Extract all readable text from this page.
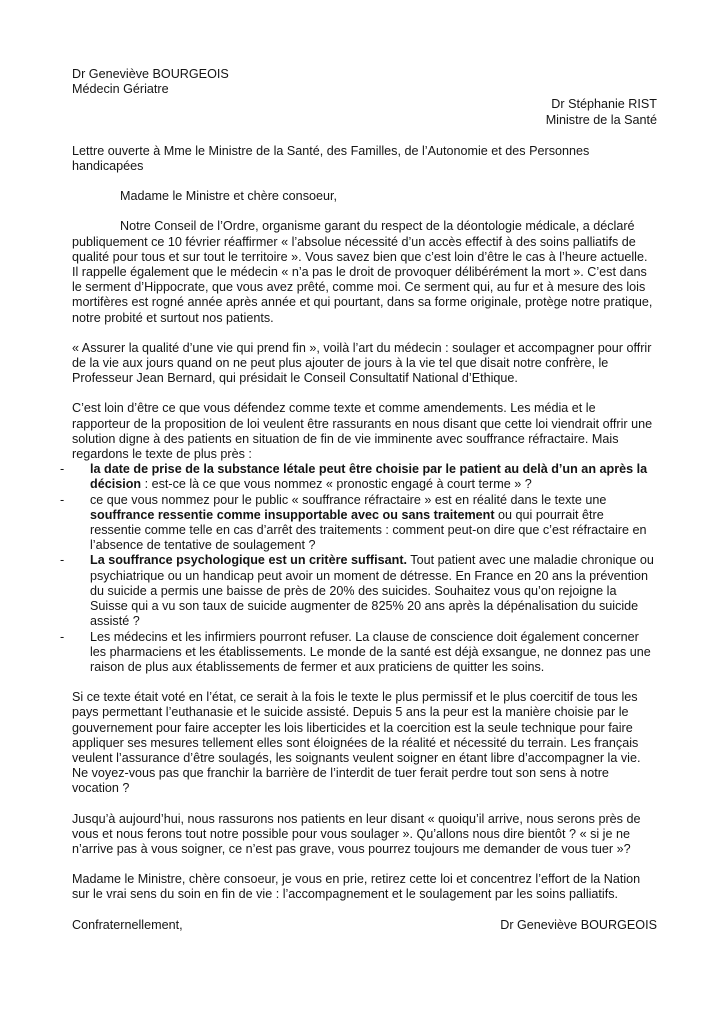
Dr Geneviève BOURGEOIS

Médecin Gériatre

Dr Stéphanie RIST

Ministre de la Santé

Lettre ouverte à Mme le Ministre de la Santé, des Familles, de l’Autonomie et des Personnes handicapées

Madame le Ministre et chère consoeur,

Notre Conseil de l’Ordre, organisme garant du respect de la déontologie médicale, a déclaré publiquement ce 10 février réaffirmer « l’absolue nécessité d’un accès effectif à des soins palliatifs de qualité pour tous et sur tout le territoire ». Vous savez bien que c’est loin d’être le cas à l’heure actuelle. Il rappelle également que le médecin « n’a pas le droit de provoquer délibérément la mort ». C’est dans le serment d’Hippocrate, que vous avez prêté, comme moi. Ce serment qui, au fur et à mesure des lois mortifères est rogné année après année et qui pourtant, dans sa forme originale, protège notre pratique, notre probité et surtout nos patients.

« Assurer la qualité d’une vie qui prend fin », voilà l’art du médecin : soulager et accompagner pour offrir de la vie aux jours quand on ne peut plus ajouter de jours à la vie tel que disait notre confrère, le Professeur Jean Bernard, qui présidait le Conseil Consultatif National d’Ethique.

C’est loin d’être ce que vous défendez comme texte et comme amendements. Les média et le rapporteur de la proposition de loi veulent être rassurants en nous disant que cette loi viendrait offrir une solution digne à des patients en situation de fin de vie imminente avec souffrance réfractaire. Mais regardons le texte de plus près :

- la date de prise de la substance létale peut être choisie par le patient au delà d’un an après la décision : est-ce là ce que vous nommez « pronostic engagé à court terme » ?
- ce que vous nommez pour le public « souffrance réfractaire » est en réalité dans le texte une souffrance ressentie comme insupportable avec ou sans traitement ou qui pourrait être ressentie comme telle en cas d’arrêt des traitements : comment peut-on dire que c’est réfractaire en l’absence de tentative de soulagement ?
- La souffrance psychologique est un critère suffisant. Tout patient avec une maladie chronique ou psychiatrique ou un handicap peut avoir un moment de détresse. En France en 20 ans la prévention du suicide a permis une baisse de près de 20% des suicides. Souhaitez vous qu’on rejoigne la Suisse qui a vu son taux de suicide augmenter de 825% 20 ans après la dépénalisation du suicide assisté ?
- Les médecins et les infirmiers pourront refuser. La clause de conscience doit également concerner les pharmaciens et les établissements. Le monde de la santé est déjà exsangue, ne donnez pas une raison de plus aux établissements de fermer et aux praticiens de quitter les soins.

Si ce texte était voté en l’état, ce serait à la fois le texte le plus permissif et le plus coercitif de tous les pays permettant l’euthanasie et le suicide assisté. Depuis 5 ans la peur est la manière choisie par le gouvernement pour faire accepter les lois liberticides et la coercition est la seule technique pour faire appliquer ses mesures tellement elles sont éloignées de la réalité et nécessité du terrain. Les français veulent l’assurance d’être soulagés, les soignants veulent soigner en étant libre d’accompagner la vie. Ne voyez-vous pas que franchir la barrière de l’interdit de tuer ferait perdre tout son sens à notre vocation ?

Jusqu’à aujourd’hui, nous rassurons nos patients en leur disant « quoiqu’il arrive, nous serons près de vous et nous ferons tout notre possible pour vous soulager ». Qu’allons nous dire bientôt ? « si je ne n’arrive pas à vous soigner, ce n’est pas grave, vous pourrez toujours me demander de vous tuer »?

Madame le Ministre, chère consoeur, je vous en prie, retirez cette loi et concentrez l’effort de la Nation sur le vrai sens du soin en fin de vie : l’accompagnement et le soulagement par les soins palliatifs.

Confraternellement,	Dr Geneviève BOURGEOIS
